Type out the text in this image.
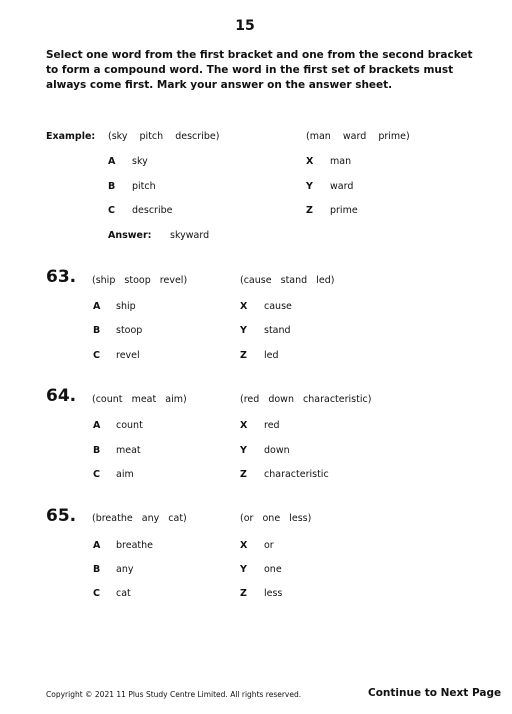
15
Select one word from the first bracket and one from the second bracket to form a compound word. The word in the first set of brackets must always come first. Mark your answer on the answer sheet.
Example: (sky    pitch    describe)	(man    ward    prime)
A sky
B pitch
C describe
X man
Y ward
Z prime
Answer: skyward
63. (ship   stoop   revel)	(cause   stand   led)
A ship
B stoop
C revel
X cause
Y stand
Z led
64. (count   meat   aim)	(red   down   characteristic)
A count
B meat
C aim
X red
Y down
Z characteristic
65. (breathe   any   cat)	(or   one   less)
A breathe
B any
C cat
X or
Y one
Z less
Copyright © 2021 11 Plus Study Centre Limited. All rights reserved.	Continue to Next Page
